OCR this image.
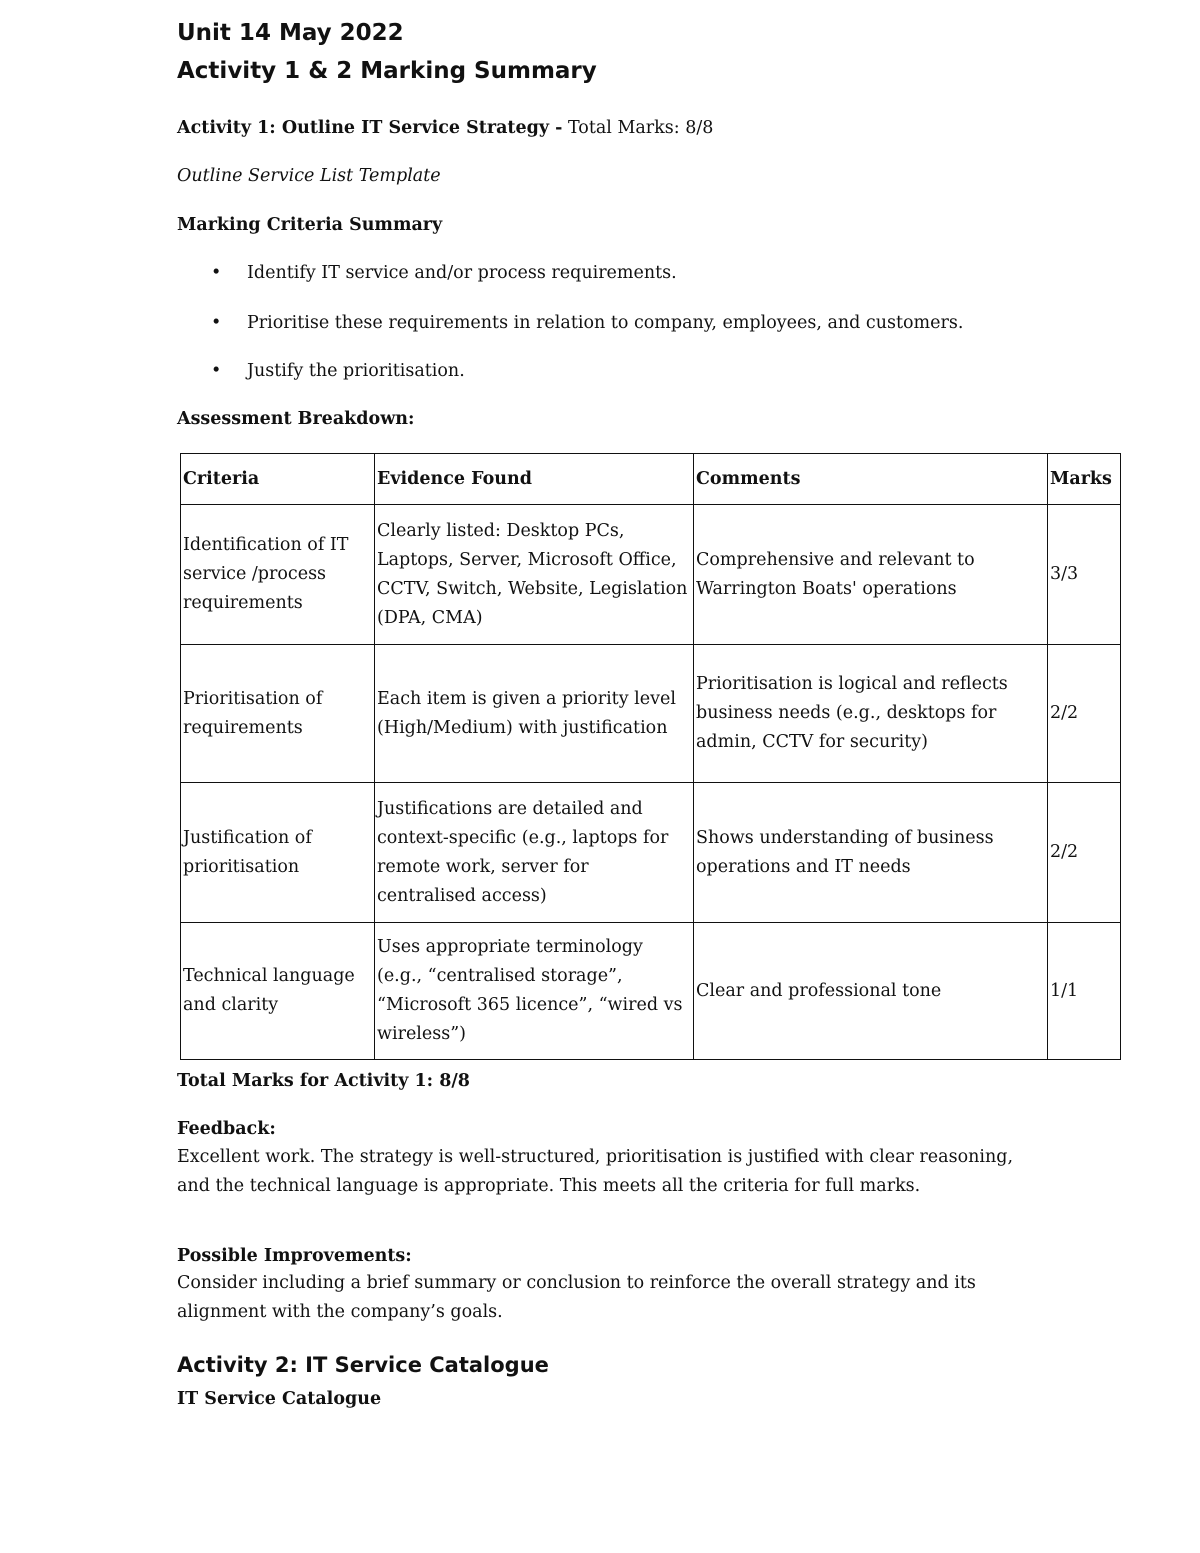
Unit 14 May 2022
Activity 1 & 2 Marking Summary
Activity 1: Outline IT Service Strategy - Total Marks: 8/8
Outline Service List Template
Marking Criteria Summary
• Identify IT service and/or process requirements.
• Prioritise these requirements in relation to company, employees, and customers.
• Justify the prioritisation.
Assessment Breakdown:
Criteria	Evidence Found	Comments	Marks
Identification of IT service /process requirements	Clearly listed: Desktop PCs, Laptops, Server, Microsoft Office, CCTV, Switch, Website, Legislation (DPA, CMA)	Comprehensive and relevant to Warrington Boats' operations	3/3
Prioritisation of requirements	Each item is given a priority level (High/Medium) with justification	Prioritisation is logical and reflects business needs (e.g., desktops for admin, CCTV for security)	2/2
Justification of prioritisation	Justifications are detailed and context-specific (e.g., laptops for remote work, server for centralised access)	Shows understanding of business operations and IT needs	2/2
Technical language and clarity	Uses appropriate terminology (e.g., “centralised storage”, “Microsoft 365 licence”, “wired vs wireless”)	Clear and professional tone	1/1
Total Marks for Activity 1: 8/8
Feedback:
Excellent work. The strategy is well-structured, prioritisation is justified with clear reasoning, and the technical language is appropriate. This meets all the criteria for full marks.
Possible Improvements:
Consider including a brief summary or conclusion to reinforce the overall strategy and its alignment with the company’s goals.
Activity 2: IT Service Catalogue
IT Service Catalogue
